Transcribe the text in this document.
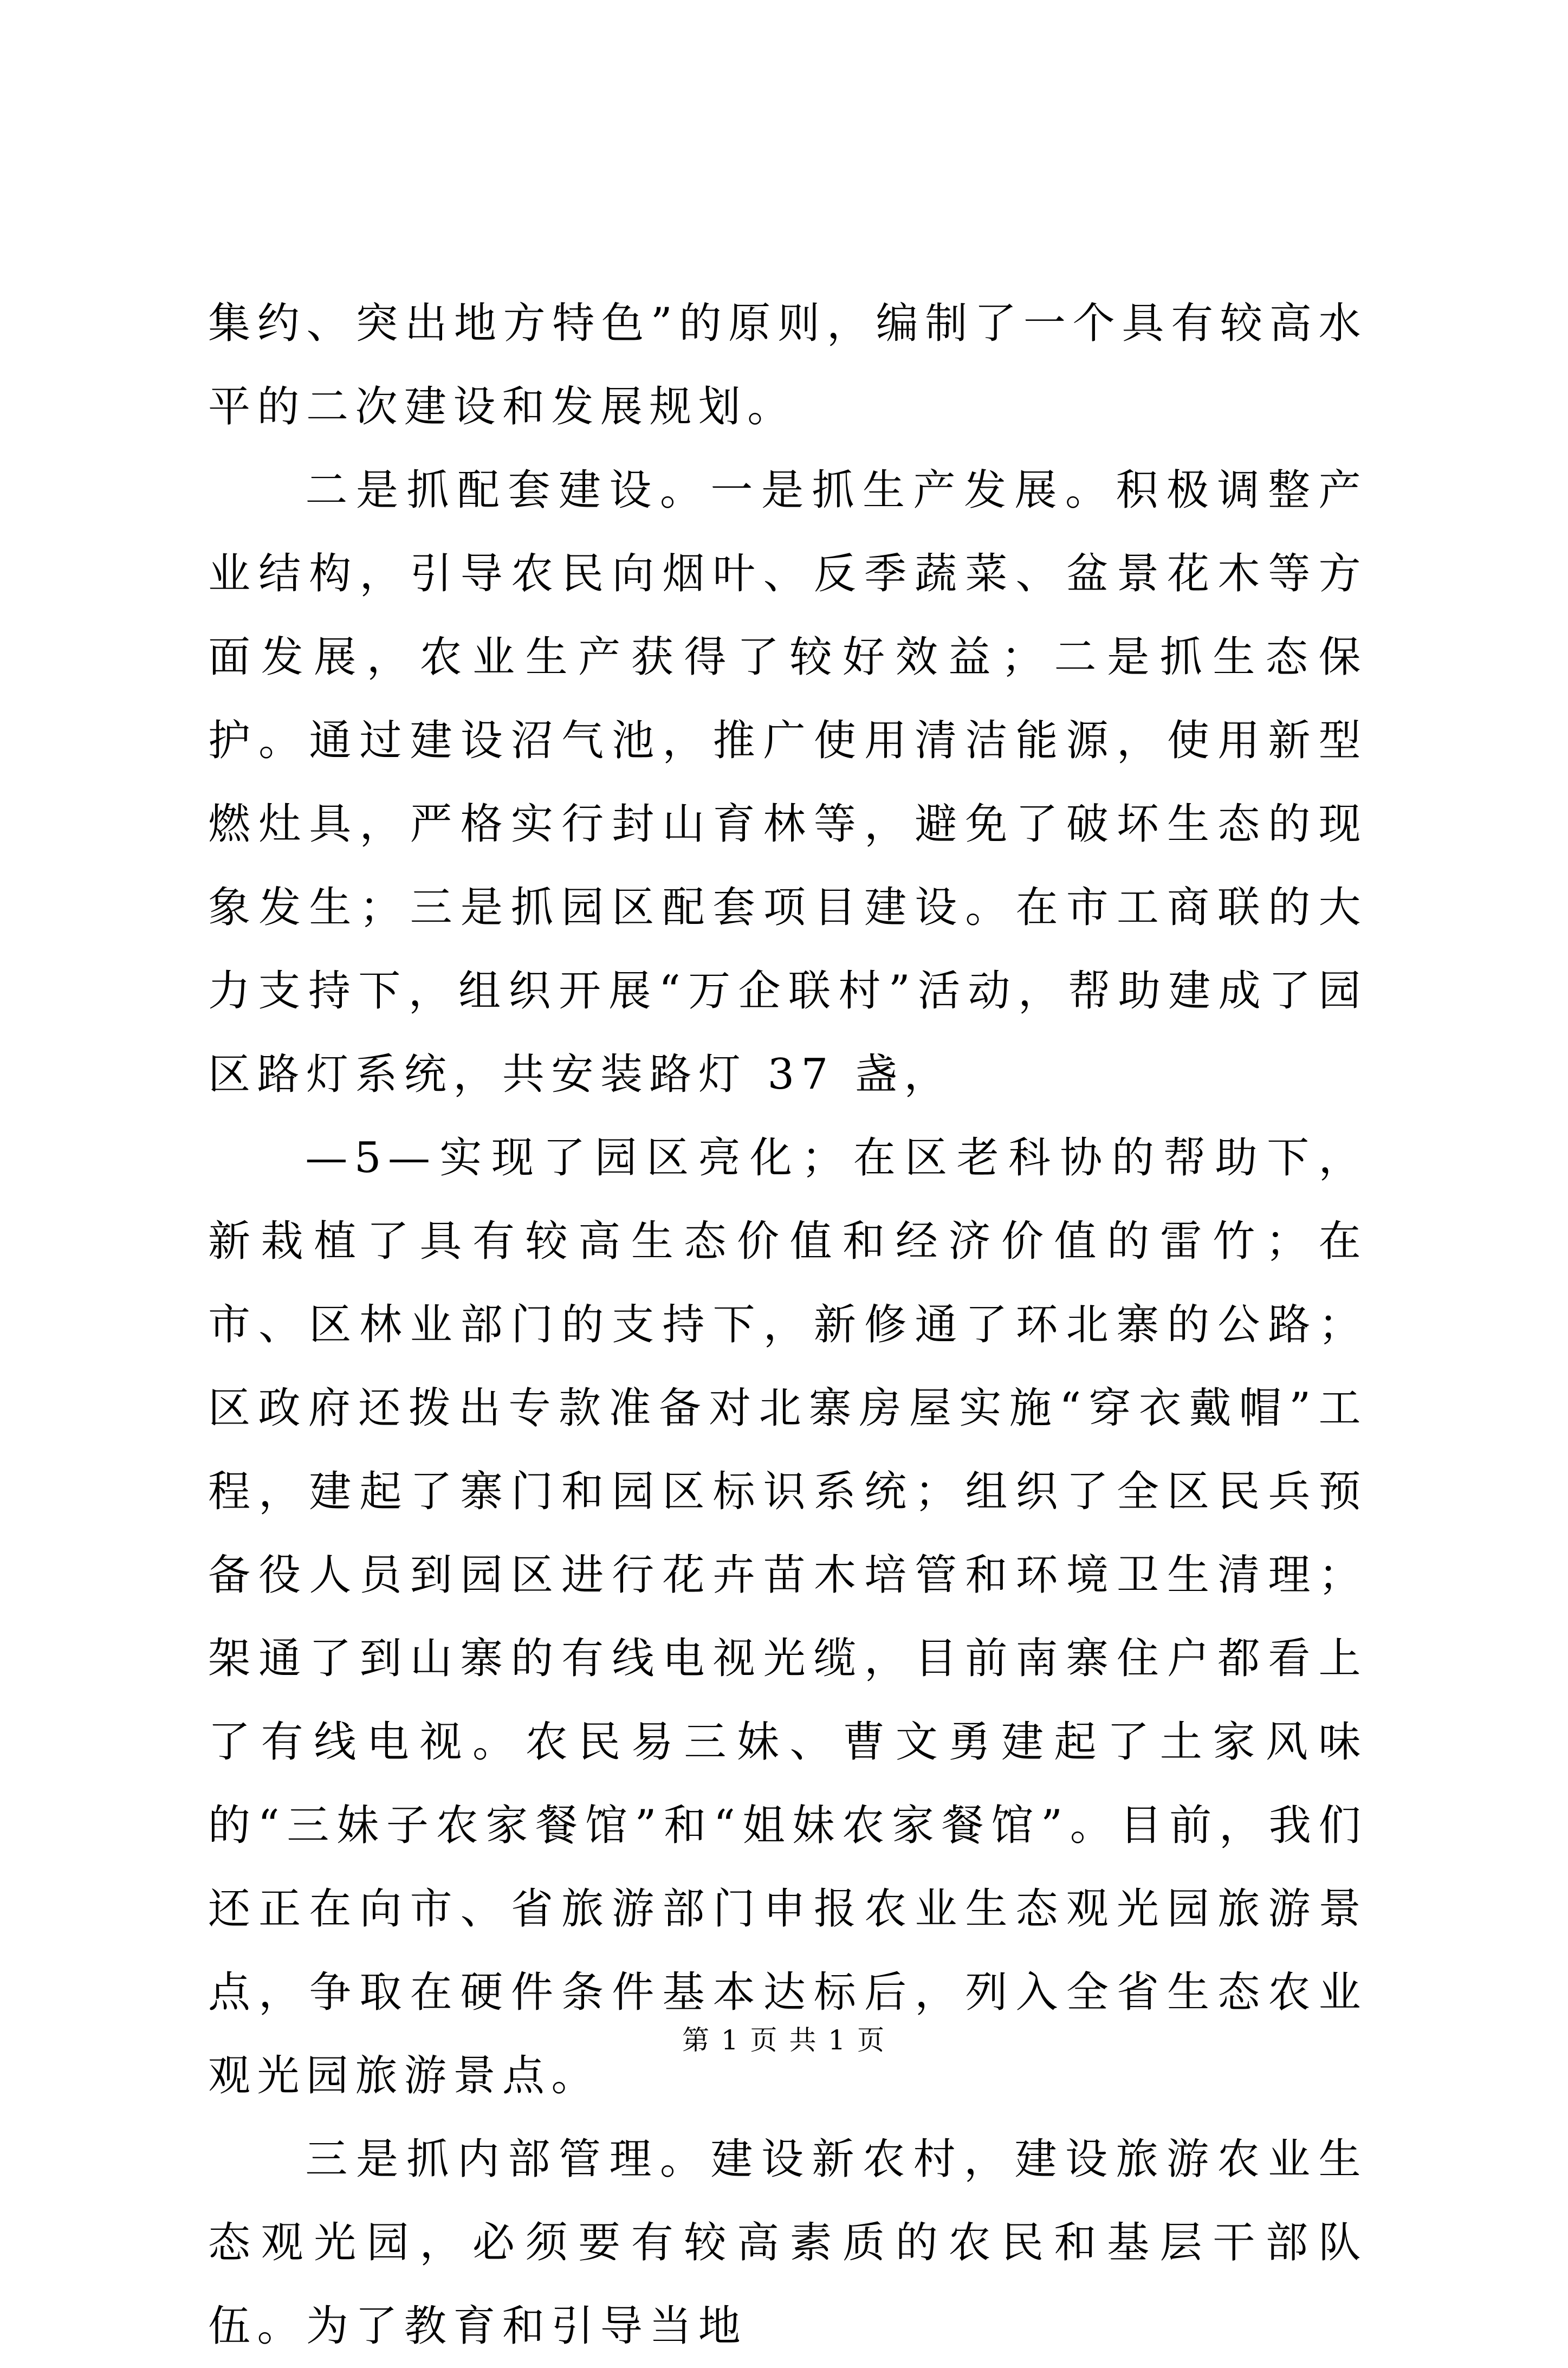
集约、突出地方特色”的原则，编制了一个具有较高水平的二次建设和发展规划。

二是抓配套建设。一是抓生产发展。积极调整产业结构，引导农民向烟叶、反季蔬菜、盆景花木等方面发展，农业生产获得了较好效益；二是抓生态保护。通过建设沼气池，推广使用清洁能源，使用新型燃灶具，严格实行封山育林等，避免了破坏生态的现象发生；三是抓园区配套项目建设。在市工商联的大力支持下，组织开展“万企联村”活动，帮助建成了园区路灯系统，共安装路灯 37 盏，

—5—实现了园区亮化；在区老科协的帮助下，新栽植了具有较高生态价值和经济价值的雷竹；在市、区林业部门的支持下，新修通了环北寨的公路；区政府还拨出专款准备对北寨房屋实施“穿衣戴帽”工程，建起了寨门和园区标识系统；组织了全区民兵预备役人员到园区进行花卉苗木培管和环境卫生清理；架通了到山寨的有线电视光缆，目前南寨住户都看上了有线电视。农民易三妹、曹文勇建起了土家风味的“三妹子农家餐馆”和“姐妹农家餐馆”。目前，我们还正在向市、省旅游部门申报农业生态观光园旅游景点，争取在硬件条件基本达标后，列入全省生态农业观光园旅游景点。

三是抓内部管理。建设新农村，建设旅游农业生态观光园，必须要有较高素质的农民和基层干部队伍。为了教育和引导当地

第 1 页 共 1 页
